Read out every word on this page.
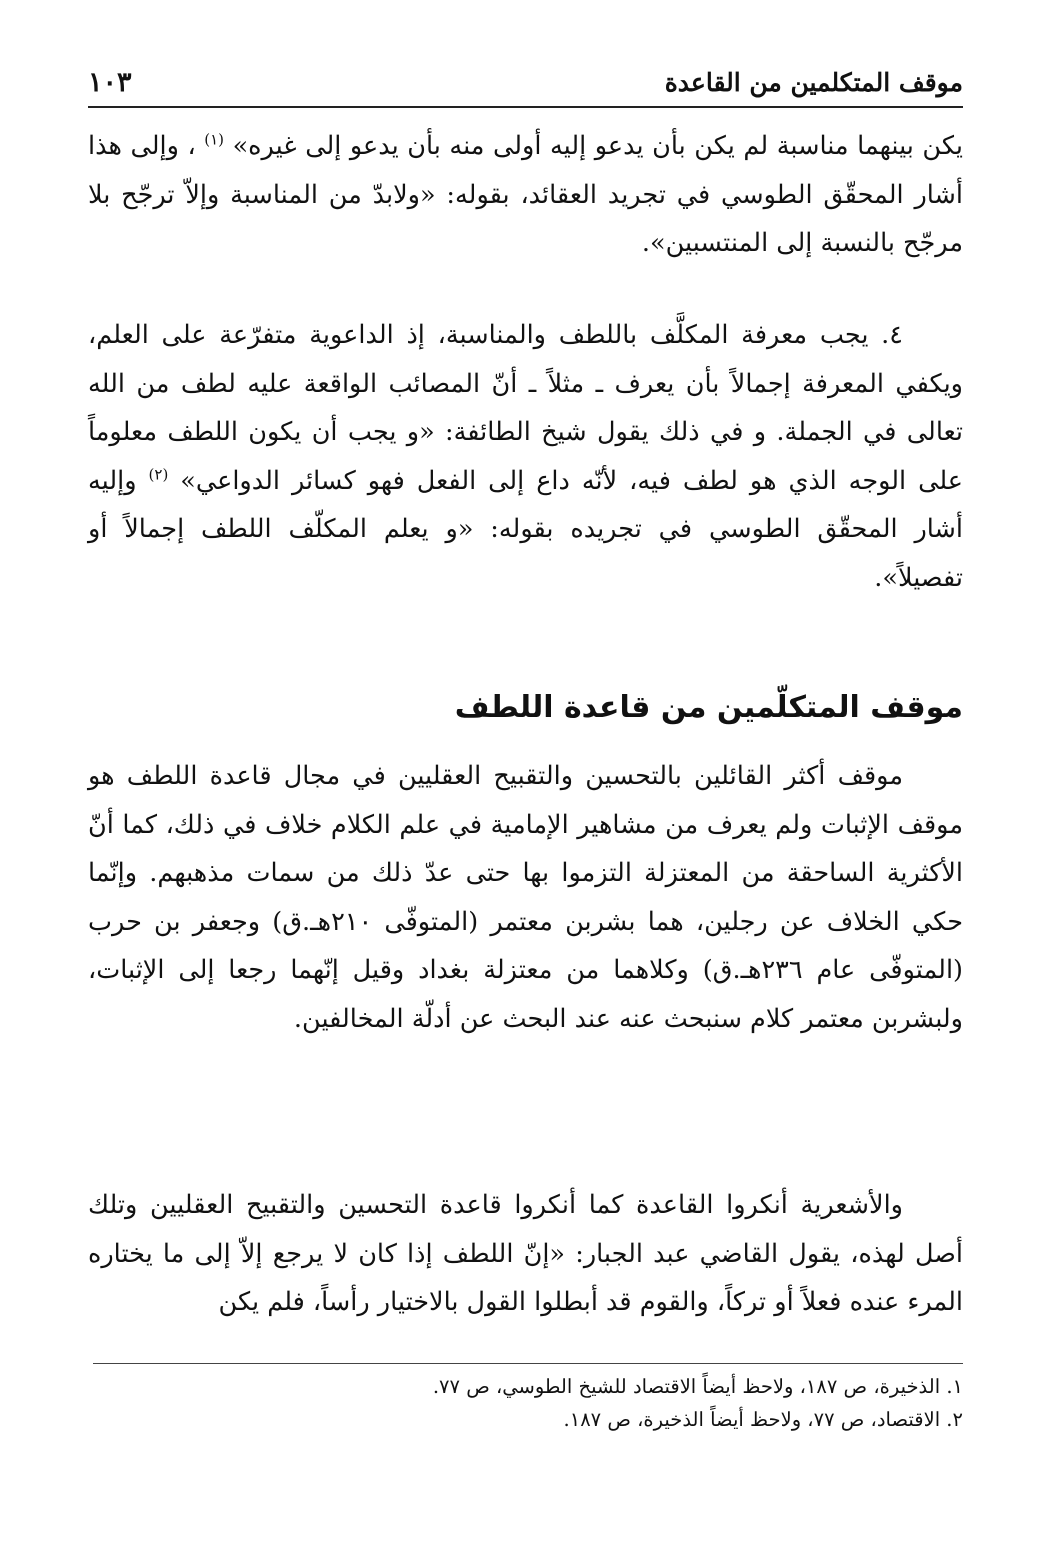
موقف المتكلمين من القاعدة
١٠٣

يكن بينهما مناسبة لم يكن بأن يدعو إليه أولى منه بأن يدعو إلى غيره» $^{(١)}$ ، وإلى هذا أشار المحقّق الطوسي في تجريد العقائد، بقوله: «ولابدّ من المناسبة وإلاّ ترجّح بلا مرجّح بالنسبة إلى المنتسبين».

٤. يجب معرفة المكلَّف باللطف والمناسبة، إذ الداعوية متفرّعة على العلم، ويكفي المعرفة إجمالاً بأن يعرف ـ مثلاً ـ أنّ المصائب الواقعة عليه لطف من الله تعالى في الجملة. و في ذلك يقول شيخ الطائفة: «و يجب أن يكون اللطف معلوماً على الوجه الذي هو لطف فيه، لأنّه داع إلى الفعل فهو كسائر الدواعي» $^{(٢)}$ وإليه أشار المحقّق الطوسي في تجريده بقوله: «و يعلم المكلّف اللطف إجمالاً أو تفصيلاً».

موقف المتكلّمين من قاعدة اللطف

موقف أكثر القائلين بالتحسين والتقبيح العقليين في مجال قاعدة اللطف هو موقف الإثبات ولم يعرف من مشاهير الإمامية في علم الكلام خلاف في ذلك، كما أنّ الأكثرية الساحقة من المعتزلة التزموا بها حتى عدّ ذلك من سمات مذهبهم. وإنّما حكي الخلاف عن رجلين، هما بشربن معتمر (المتوفّى ٢١٠هـ.ق) وجعفر بن حرب (المتوفّى عام ٢٣٦هـ.ق) وكلاهما من معتزلة بغداد وقيل إنّهما رجعا إلى الإثبات، ولبشربن معتمر كلام سنبحث عنه عند البحث عن أدلّة المخالفين.

والأشعرية أنكروا القاعدة كما أنكروا قاعدة التحسين والتقبيح العقليين وتلك أصل لهذه، يقول القاضي عبد الجبار: «إنّ اللطف إذا كان لا يرجع إلاّ إلى ما يختاره المرء عنده فعلاً أو تركاً، والقوم قد أبطلوا القول بالاختيار رأساً، فلم يكن

١. الذخيرة، ص ١٨٧، ولاحظ أيضاً الاقتصاد للشيخ الطوسي، ص ٧٧.

٢. الاقتصاد، ص ٧٧، ولاحظ أيضاً الذخيرة، ص ١٨٧.
